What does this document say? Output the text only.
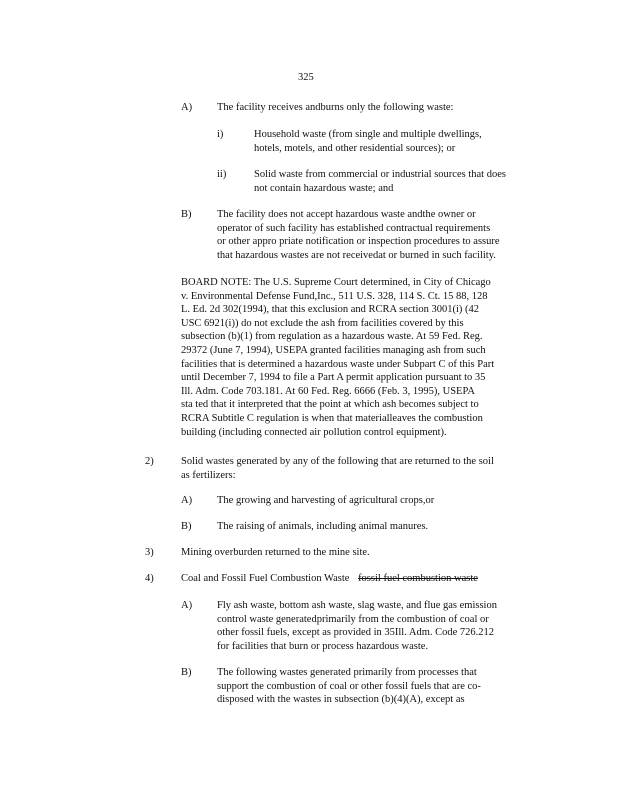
325
A) The facility receives andburns only the following waste:
i)	Household waste (from single and multiple dwellings,

hotels, motels, and other residential sources); or

ii)	Solid waste from commercial or industrial sources that does

not contain hazardous waste; and

B) The facility does not accept hazardous waste andthe owner or

operator of such facility has established contractual requirements

or other appro priate notification or inspection procedures to assure

that hazardous wastes are not receivedat or burned in such facility.

BOARD NOTE: The U.S. Supreme Court determined, in City of Chicago

v. Environmental Defense Fund,Inc., 511 U.S. 328, 114 S. Ct. 15 88, 128

L. Ed. 2d 302(1994), that this exclusion and RCRA section 3001(i) (42

USC 6921(i)) do not exclude the ash from facilities covered by this

subsection (b)(1) from regulation as a hazardous waste. At 59 Fed. Reg.

29372 (June 7, 1994), USEPA granted facilities managing ash from such

facilities that is determined a hazardous waste under Subpart C of this Part

until December 7, 1994 to file a Part A permit application pursuant to 35

Ill. Adm. Code 703.181. At 60 Fed. Reg. 6666 (Feb. 3, 1995), USEPA

sta ted that it interpreted that the point at which ash becomes subject to

RCRA Subtitle C regulation is when that materialleaves the combustion

building (including connected air pollution control equipment).

2)	Solid wastes generated by any of the following that are returned to the soil

as fertilizers:

A) The growing and harvesting of agricultural crops,or
B) The raising of animals, including animal manures.
3)	Mining overburden returned to the mine site.
4)	Coal and Fossil Fuel Combustion Waste fossil fuel combustion waste
A) Fly ash waste, bottom ash waste, slag waste, and flue gas emission

control waste generatedprimarily from the combustion of coal or

other fossil fuels, except as provided in 35Ill. Adm. Code 726.212

for facilities that burn or process hazardous waste.

B) The following wastes generated primarily from processes that

support the combustion of coal or other fossil fuels that are co-

disposed with the wastes in subsection (b)(4)(A), except as
